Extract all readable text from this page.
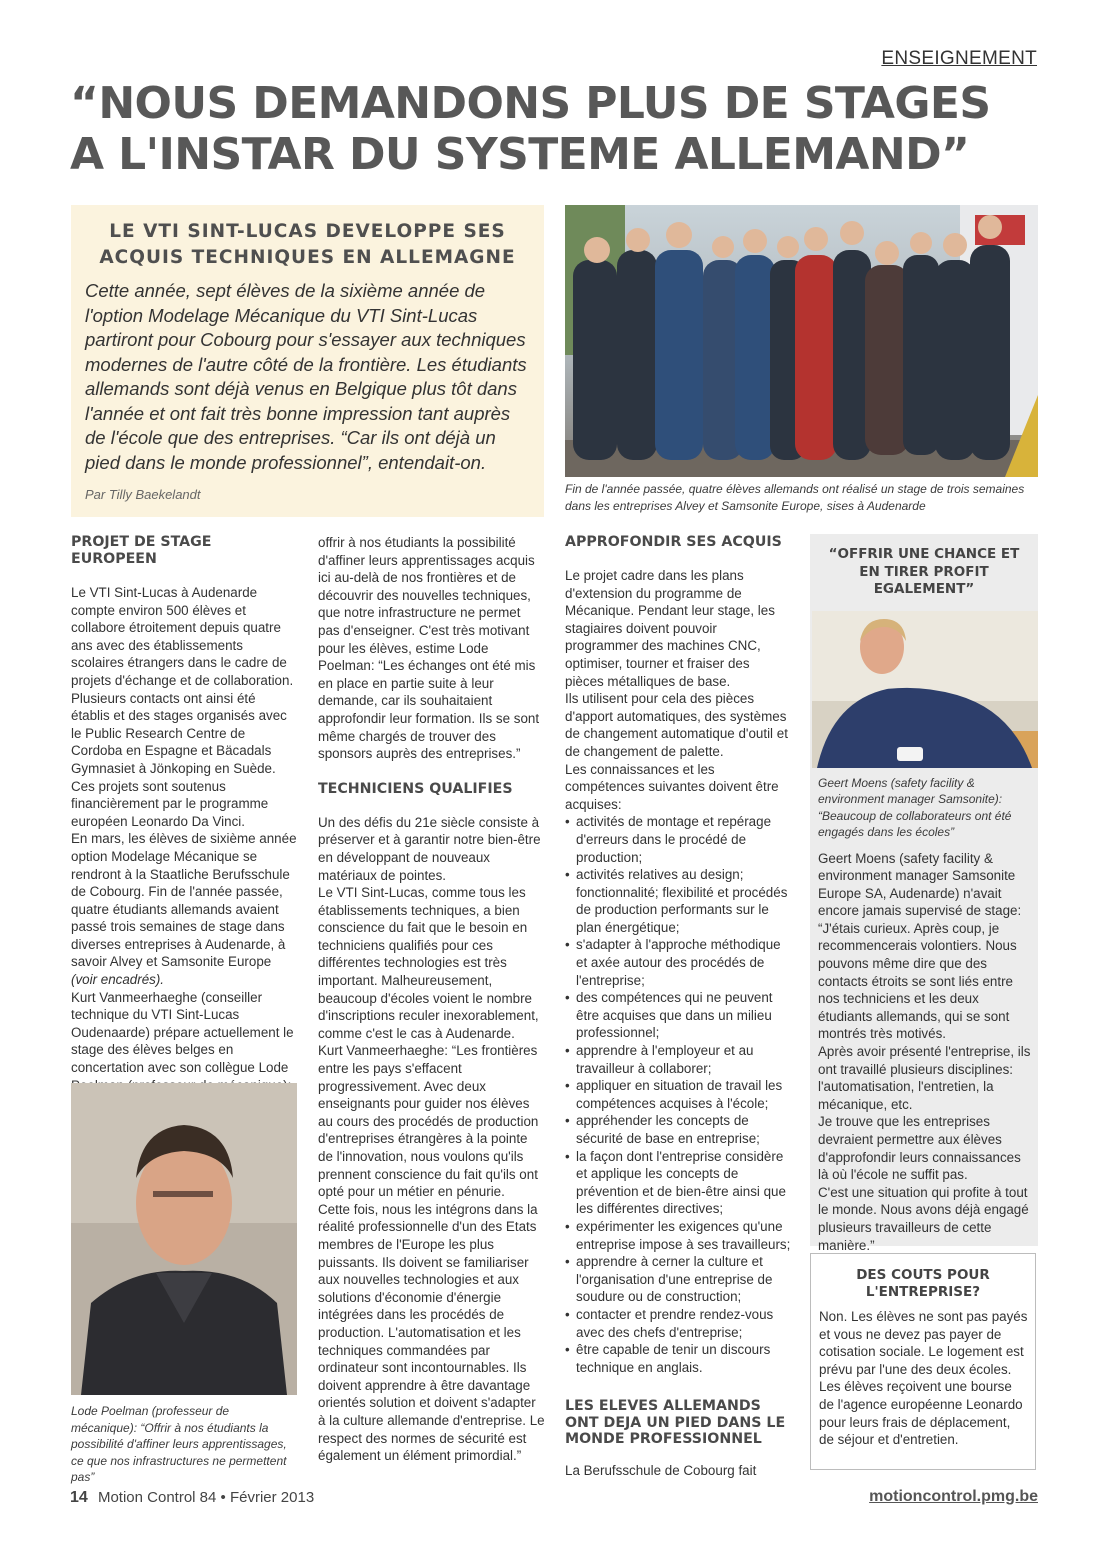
ENSEIGNEMENT
“NOUS DEMANDONS PLUS DE STAGES
A L'INSTAR DU SYSTEME ALLEMAND”
LE VTI SINT-LUCAS DEVELOPPE SES
ACQUIS TECHNIQUES EN ALLEMAGNE

Cette année, sept élèves de la sixième année de l'option Modelage Mécanique du VTI Sint-Lucas partiront pour Cobourg pour s'essayer aux techniques modernes de l'autre côté de la frontière. Les étudiants allemands sont déjà venus en Belgique plus tôt dans l'année et ont fait très bonne impression tant auprès de l'école que des entreprises. “Car ils ont déjà un pied dans le monde professionnel”, entendait-on.

Par Tilly Baekelandt	Fin de l'année passée, quatre élèves allemands ont réalisé un stage de trois semaines dans les entreprises Alvey et Samsonite Europe, sises à Audenarde
PROJET DE STAGE EUROPEEN

Le VTI Sint-Lucas à Audenarde compte environ 500 élèves et collabore étroitement depuis quatre ans avec des établissements scolaires étrangers dans le cadre de projets d'échange et de collaboration. Plusieurs contacts ont ainsi été établis et des stages organisés avec le Public Research Centre de Cordoba en Espagne et Bäcadals Gymnasiet à Jönkoping en Suède. Ces projets sont soutenus financièrement par le programme européen Leonardo Da Vinci.

En mars, les élèves de sixième année option Modelage Mécanique se rendront à la Staatliche Berufsschule de Cobourg. Fin de l'année passée, quatre étudiants allemands avaient passé trois semaines de stage dans diverses entreprises à Audenarde, à savoir Alvey et Samsonite Europe (voir encadrés).

Kurt Vanmeerhaeghe (conseiller technique du VTI Sint-Lucas Oudenaarde) prépare actuellement le stage des élèves belges en concertation avec son collègue Lode

Lode Poelman (professeur de mécanique): “Offrir à nos étudiants la possibilité d'affiner leurs apprentissages, ce que nos infrastructures ne permettent pas”

offrir à nos étudiants la possibilité d'affiner leurs apprentissages acquis ici au-delà de nos frontières et de découvrir des nouvelles techniques, que notre infrastructure ne permet pas d'enseigner. C'est très motivant pour les élèves, estime Lode Poelman: “Les échanges ont été mis en place en partie suite à leur demande, car ils souhaitaient approfondir leur formation. Ils se sont même chargés de trouver des sponsors auprès des entreprises.”

TECHNICIENS QUALIFIES

Un des défis du 21e siècle consiste à préserver et à garantir notre bien-être en développant de nouveaux matériaux de pointes.

Le VTI Sint-Lucas, comme tous les établissements techniques, a bien conscience du fait que le besoin en techniciens qualifiés pour ces différentes technologies est très important. Malheureusement, beaucoup d'écoles voient le nombre d'inscriptions reculer inexorablement, comme c'est le cas à Audenarde.

Kurt Vanmeerhaeghe: “Les frontières entre les pays s'effacent progressivement. Avec deux enseignants pour guider nos élèves au cours des procédés de production d'entreprises étrangères à la pointe de l'innovation, nous voulons qu'ils prennent conscience du fait qu'ils ont opté pour un métier en pénurie.

Cette fois, nous les intégrons dans la réalité professionnelle d'un des Etats membres de l'Europe les plus puissants. Ils doivent se familiariser aux nouvelles technologies et aux solutions d'économie d'énergie intégrées dans les procédés de production. L'automatisation et les techniques commandées par ordinateur sont incontournables. Ils doivent apprendre à être davantage orientés solution et doivent s'adapter à la culture allemande d'entreprise. Le respect des normes de sécurité est également un élément primordial.”

APPROFONDIR SES ACQUIS

Le projet cadre dans les plans d'extension du programme de Mécanique. Pendant leur stage, les stagiaires doivent pouvoir programmer des machines CNC, optimiser, tourner et fraiser des pièces métalliques de base.

Ils utilisent pour cela des pièces d'apport automatiques, des systèmes de changement automatique d'outil et de changement de palette.

Les connaissances et les compétences suivantes doivent être acquises:

• activités de montage et repérage d'erreurs dans le procédé de production;
• activités relatives au design; fonctionnalité; flexibilité et procédés de production performants sur le plan énergétique;
• s'adapter à l'approche méthodique et axée autour des procédés de l'entreprise;
• des compétences qui ne peuvent être acquises que dans un milieu professionnel;
• apprendre à l'employeur et au travailleur à collaborer;
• appliquer en situation de travail les compétences acquises à l'école;
• appréhender les concepts de sécurité de base en entreprise;
• la façon dont l'entreprise considère et applique les concepts de prévention et de bien-être ainsi que les différentes directives;
• expérimenter les exigences qu'une entreprise impose à ses travailleurs;
• apprendre à cerner la culture et l'organisation d'une entreprise de soudure ou de construction;
• contacter et prendre rendez-vous avec des chefs d'entreprise;
• être capable de tenir un discours technique en anglais.
LES ELEVES ALLEMANDS ONT DEJA UN PIED DANS LE MONDE PROFESSIONNEL

La Berufsschule de Cobourg fait

“OFFRIR UNE CHANCE ET EN TIRER PROFIT EGALEMENT”
Geert Moens (safety facility & environment manager Samsonite): “Beaucoup de collaborateurs ont été engagés dans les écoles”

Geert Moens (safety facility & environment manager Samsonite Europe SA, Audenarde) n'avait encore jamais supervisé de stage: “J'étais curieux. Après coup, je recommencerais volontiers. Nous pouvons même dire que des contacts étroits se sont liés entre nos techniciens et les deux étudiants allemands, qui se sont montrés très motivés.

Après avoir présenté l'entreprise, ils ont travaillé plusieurs disciplines: l'automatisation, l'entretien, la mécanique, etc.

Je trouve que les entreprises devraient permettre aux élèves d'approfondir leurs connaissances là où l'école ne suffit pas.

C'est une situation qui profite à tout le monde. Nous avons déjà engagé plusieurs travailleurs de cette manière.”

DES COUTS POUR L'ENTREPRISE?

Non. Les élèves ne sont pas payés et vous ne devez pas payer de cotisation sociale. Le logement est prévu par l'une des deux écoles. Les élèves reçoivent une bourse de l'agence européenne Leonardo pour leurs frais de déplacement, de séjour et d'entretien.

14 Motion Control 84 • Février 2013	motioncontrol.pmg.be
